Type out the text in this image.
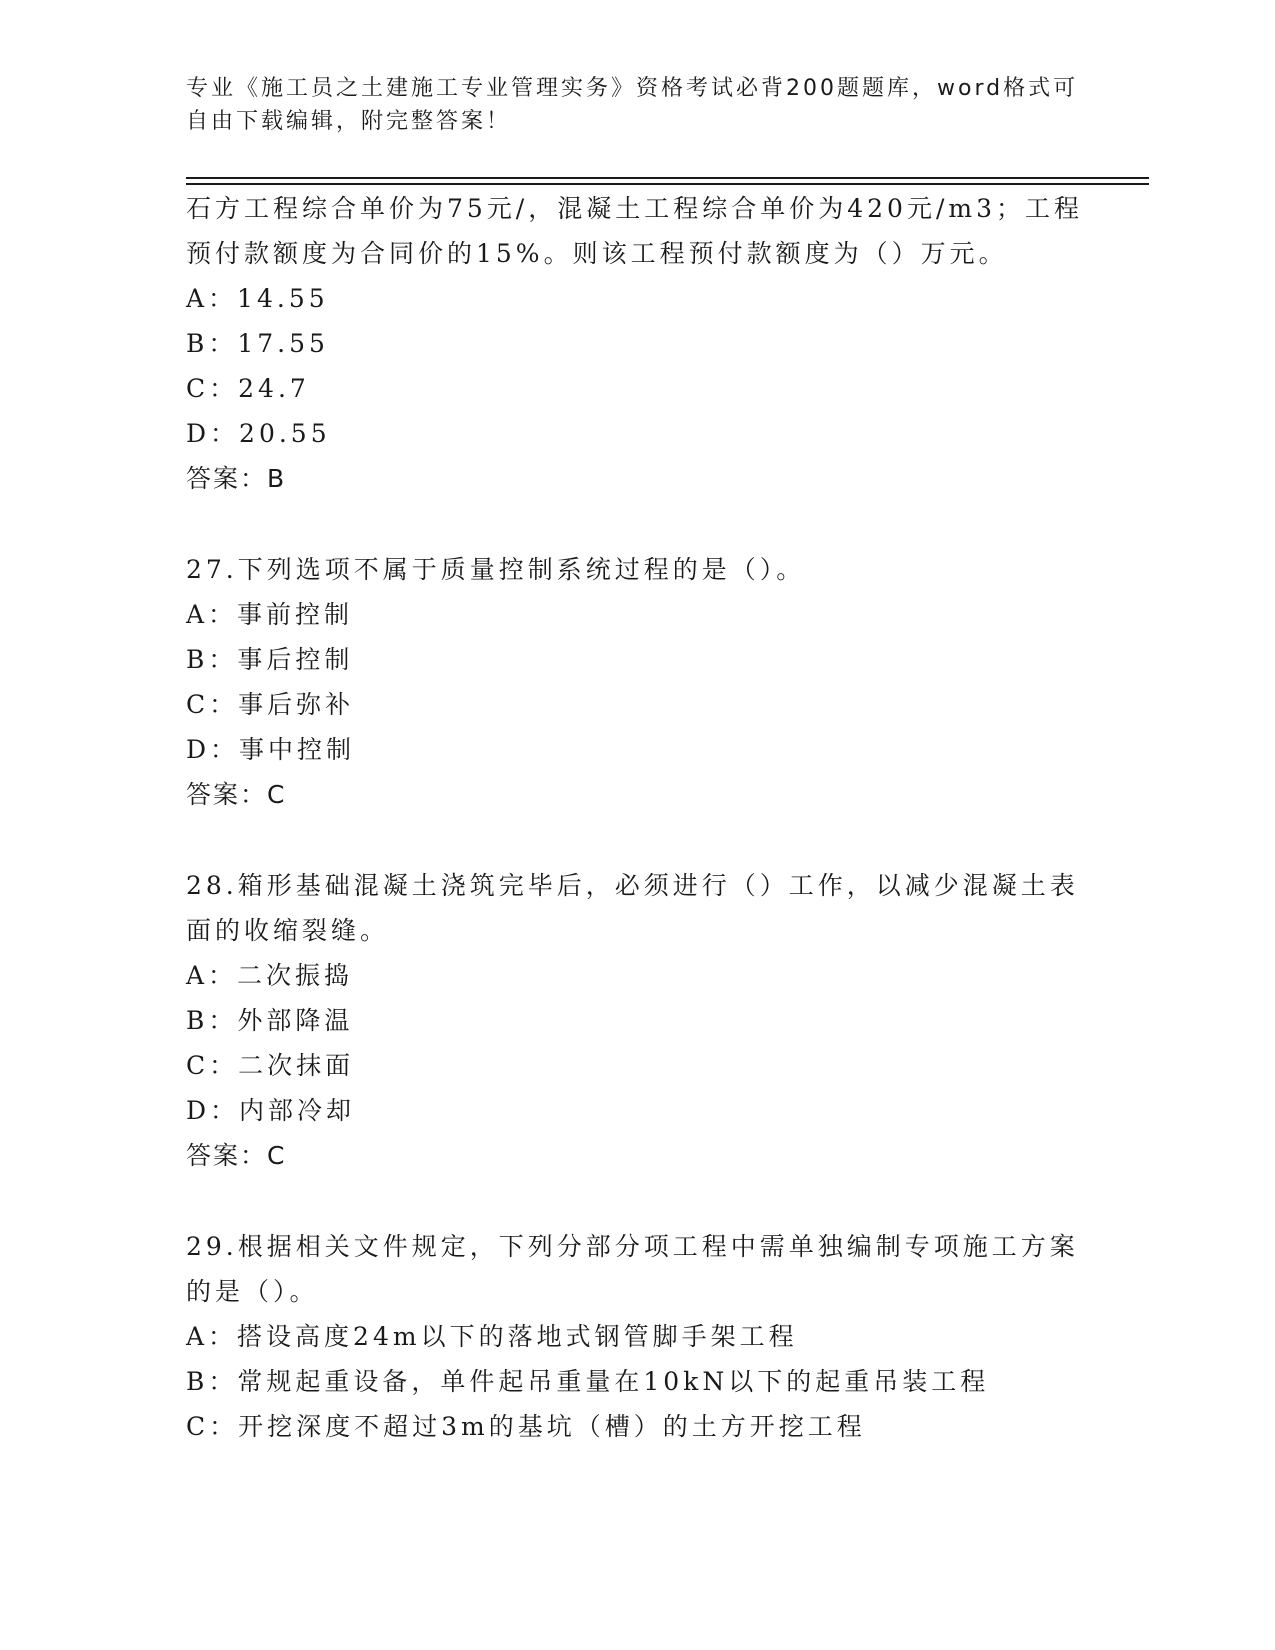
专业《施工员之土建施工专业管理实务》资格考试必背200题题库，word格式可
自由下载编辑，附完整答案！
石方工程综合单价为75元/，混凝土工程综合单价为420元/m3；工程
预付款额度为合同价的15%。则该工程预付款额度为（）万元。
A：14.55
B：17.55
C：24.7
D：20.55
答案：B
27.下列选项不属于质量控制系统过程的是（）。
A：事前控制
B：事后控制
C：事后弥补
D：事中控制
答案：C
28.箱形基础混凝土浇筑完毕后，必须进行（）工作，以减少混凝土表
面的收缩裂缝。
A：二次振捣
B：外部降温
C：二次抹面
D：内部冷却
答案：C
29.根据相关文件规定，下列分部分项工程中需单独编制专项施工方案
的是（）。
A：搭设高度24m以下的落地式钢管脚手架工程
B：常规起重设备，单件起吊重量在10kN以下的起重吊装工程
C：开挖深度不超过3m的基坑（槽）的土方开挖工程
